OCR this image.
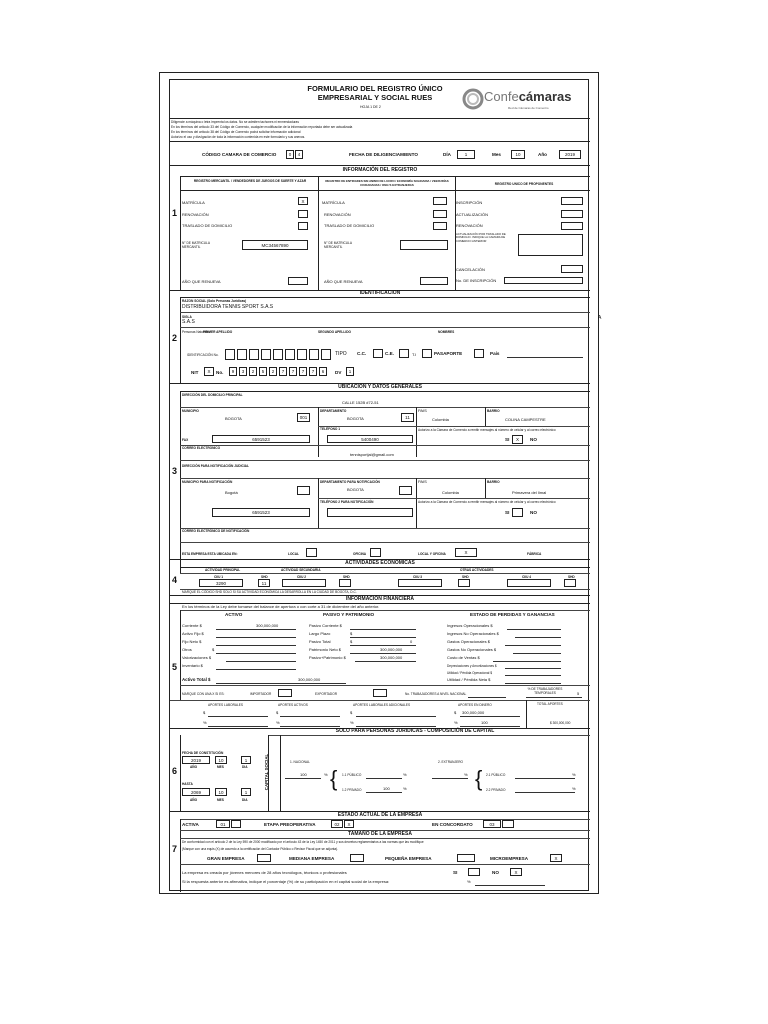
FORMULARIO DEL REGISTRO ÚNICO EMPRESARIAL Y SOCIAL RUES
HOJA 1 DE 2
Confecámaras
Red de Cámaras de Comercio
Diligencie a máquina o letra imprenta los datos. No se admiten tachones ni enmendaduras
En los términos del artículo 33 del Código de Comercio, cualquier modificación de la información reportada debe ser actualizada
En los términos del artículo 38 del Código de Comercio podrá solicitar información adicional
Autorizo el uso y divulgación de toda la información contenida en este formulario y sus anexos.
CÓDIGO CAMARA DE COMERCIO	0	4	FECHA DE DILIGENCIAMIENTO	DÍA	1	Mes	10	Año	2019
INFORMACIÓN DEL REGISTRO
REGISTRO MERCANTIL / VENDEDORES DE JUEGOS DE SUERTE Y AZAR	REGISTRO DE ENTIDADES SIN ANIMO DE LUCRO / ECONOMÍA SOLIDARIA / VEEDURÍAS CIUDADANAS / ONG´S EXTRANJERAS	REGISTRO UNICO DE PROPONENTES
1
MATRÍCULA	X
RENOVACIÓN
TRASLADO DE DOMICILIO
N° DE MATRICULA MERCANTIL	MC34567890
AÑO QUE RENUEVA
MATRÍCULA
RENOVACIÓN
TRASLADO DE DOMICILIO
N° DE MATRICULA MERCANTIL
AÑO QUE RENUEVA
INSCRIPCIÓN
ACTUALIZACIÓN
RENOVACIÓN
ACTUALIZACIÓN POR TRASLADO DE DOMICILIO. INDIQUE LA CAMARA DE COMERCIO ANTERIOR
CANCELACIÓN
No. DE INSCRIPCIÓN
IDENTIFICACION
RAZON SOCIAL (Solo Personas Jurídicas)
DISTRIBUIDORA TENNIS SPORT S.A.S
SIGLA
S.A.S
Personas Naturales
PRIMER APELLIDO	SEGUNDO APELLIDO	NOMBRES
2
IDENTIFICACIÓN No.	TIPO C.C.	C.E.	T.I	PASAPORTE	País
NIT	X	No.	9	3	2	5	2	7	7	7	7	6	DV	1
UBICACIÓN Y DATOS GENERALES
DIRECCIÓN DEL DOMICILIO PRINCIPAL
CALLE 152B #72-51
MUNICIPIO
BOGOTA	001
DEPARTAMENTO
BOGOTA	11
PAIS
Colombia
BARRIO
COLINA CAMPESTRE
TELÉFONO 1
5400490
FAX	6591523
Autorizo a la Cámara de Comercio a remitir mensajes al número de celular y al correo electrónico
SI	X	NO
CORREO ELECTRONICO
tennisportjal@gmail.com
DIRECCIÓN PARA NOTIFICACIÓN JUDICIAL
3
MUNICIPIO PARA NOTIFICACIÓN
Bogotá
DEPARTAMENTO PARA NOTIFICACIÓN
BOGOTA
PAIS
Colombia
BARRIO
Primavera del Iimal
TELÉFONO 2 PARA NOTIFICACIÓN
6591523
Autorizo a la Cámara de Comercio a remitir mensajes al número de celular y al correo electrónico
SI	NO
CORREO ELECTRÓNICO DE NOTIFICACIÓN
ESTA EMPRESA ESTA UBICADA EN:	LOCAL	OFICINA	LOCAL Y OFICINA	X	FÁBRICA
ACTIVIDADES ECONÓMICAS
4
ACTIVIDAD PRINCIPAL	ACTIVIDAD SECUNDARIA	OTRAS ACTIVIDADES
CIIU 1	SHD	CIIU 2	SHD	CIIU 3	SHD	CIIU 4	SHD
3290	11
MARQUE EL CÓDIGO SHD SOLO SI SU ACTIVIDAD ECONÓMICA LA DESARROLLA EN LA CIUDAD DE BOGOTA, D.C.
INFORMACIÓN FINANCIERA
En los términos de la Ley debe tomarse del balance de apertura o con corte a 31 de diciembre del año anterior.
ACTIVO	PASIVO Y PATRIMONIO	ESTADO DE PERDIDAS Y GANANCIAS
5
Corriente $	300,000,000
Activo Fijo $
Fijo Neto $
Otros	$
Valorizaciones $
Inventario $
Activo Total $	300,000,000
Pasivo Corriente $
Largo Plazo	$
Pasivo Total	$	0
Patrimonio Neto $	300,000,000
Pasivo+Patrimonio $	300,000,000
Ingresos Operacionales $
Ingresos No Operacionales $
Gastos Operacionales $
Gastos No Operacionales $
Costo de Ventas $
Depreciaciones y Amortizaciones $
Utilidad / Pérdida Operacional $
Utilidad / Pérdida Neta $
MARQUE CON UNA X SI ES:	IMPORTADOR	EXPORTADOR	No. TRABAJADORES A NIVEL NACIONAL
% DE TRABAJADORES TEMPORALES	5
APORTES LABORALES	APORTES ACTIVOS	APORTES LABORALES ADICIONALES	APORTES EN DINERO	TOTAL APORTES
$	$	$	$ 300,000,000
$ 300,000,000
%	%	%	%	100
SOLO PARA PERSONAS JURIDICAS - COMPOSICIÓN DE CAPITAL
6
FECHA DE CONSTITUCIÓN
2019	10	1
AÑO	MES	DIA
HASTA
2069	10	1
AÑO	MES	DIA
CAPITAL SOCIAL	1. NACIONAL
100	% { 1.1 PÚBLICO	%
1.2 PRIVADO	100	%
2. EXTRANJERO
% { 2.1 PÚBLICO	%
2.2 PRIVADO	%
ESTADO ACTUAL DE LA EMPRESA
ACTIVA	01	ETAPA PREOPERATIVA	02	X	EN CONCORDATO	03
TAMAÑO DE LA EMPRESA
7
De conformidad con el artículo 2 de la Ley 590 de 2000 modificado por el artículo 43 de la Ley 1450 de 2011 y sus decretos reglamentarios a las normas que las modifique
(Marque con una equis (X) de acuerdo a la certificación del Contador Público o Revisor Fiscal que se adjunta).
GRAN EMPRESA	MEDIANA EMPRESA	PEQUEÑA EMPRESA	MICROEMPRESA	X
La empresa es creada por jóvenes menores de 28 años tecnólogos, técnicos o profesionales	SI	NO	X
Si la respuesta anterior es afirmativa, indique el porcentaje (%) de su participación en el capital social de la empresa:	%
A
